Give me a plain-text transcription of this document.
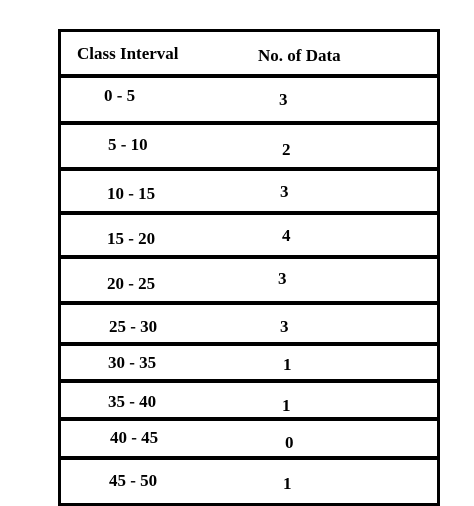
Class Interval	No. of Data
0 - 5	3
5 - 10	2
10 - 15	3
15 - 20	4
20 - 25	3
25 - 30	3
30 - 35	1
35 - 40	1
40 - 45	0
45 - 50	1
